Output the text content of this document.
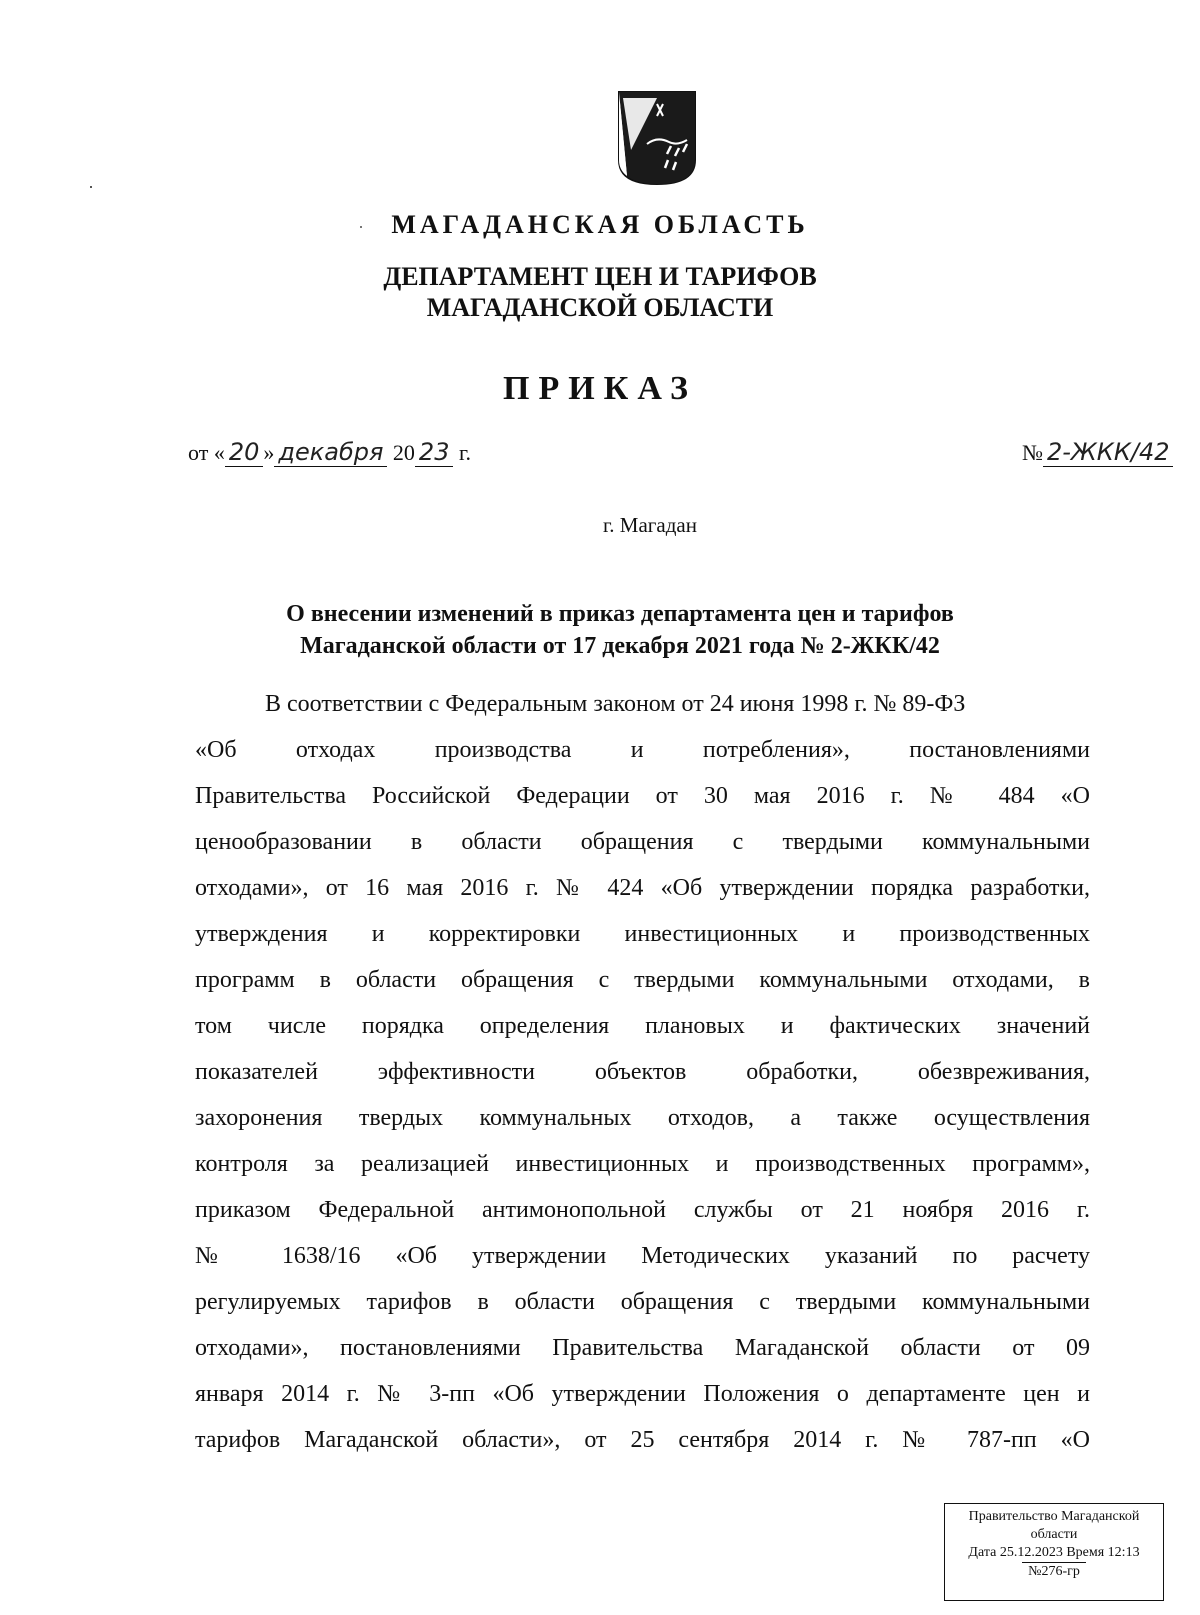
МАГАДАНСКАЯ ОБЛАСТЬ
ДЕПАРТАМЕНТ ЦЕН И ТАРИФОВ
МАГАДАНСКОЙ ОБЛАСТИ
ПРИКАЗ
от « 20 » декабря 20 23 г.	№ 2-ЖКК/42
г. Магадан
О внесении изменений в приказ департамента цен и тарифов
Магаданской области от 17 декабря 2021 года № 2-ЖКК/42
В соответствии с Федеральным законом от 24 июня 1998 г. № 89-ФЗ
«Об отходах производства и потребления», постановлениями
Правительства Российской Федерации от 30 мая 2016 г. № 484 «О
ценообразовании в области обращения с твердыми коммунальными
отходами», от 16 мая 2016 г. № 424 «Об утверждении порядка разработки,
утверждения и корректировки инвестиционных и производственных
программ в области обращения с твердыми коммунальными отходами, в
том числе порядка определения плановых и фактических значений
показателей эффективности объектов обработки, обезвреживания,
захоронения твердых коммунальных отходов, а также осуществления
контроля за реализацией инвестиционных и производственных программ»,
приказом Федеральной антимонопольной службы от 21 ноября 2016 г.
№ 1638/16 «Об утверждении Методических указаний по расчету
регулируемых тарифов в области обращения с твердыми коммунальными
отходами», постановлениями Правительства Магаданской области от 09
января 2014 г. № 3-пп «Об утверждении Положения о департаменте цен и
тарифов Магаданской области», от 25 сентября 2014 г. № 787-пп «О
Правительство Магаданской
области
Дата 25.12.2023 Время 12:13
№276-гр
